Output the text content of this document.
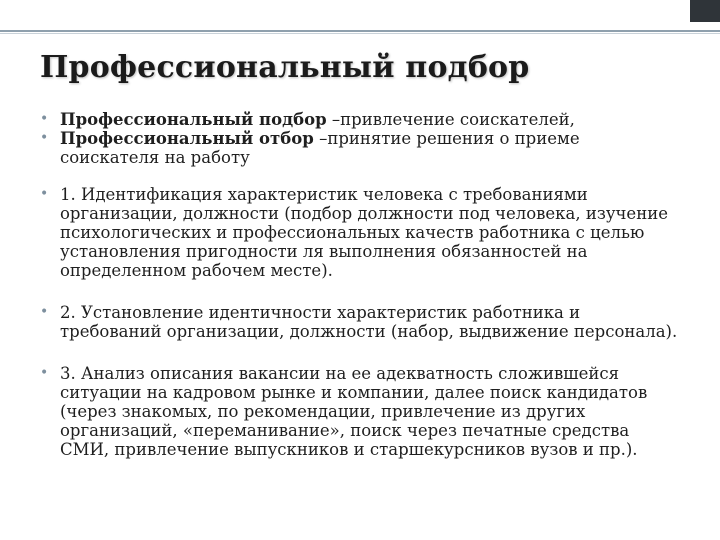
Профессиональный подбор
• Профессиональный подбор –привлечение соискателей,
• Профессиональный отбор –принятие решения о приеме соискателя на работу
• 1. Идентификация характеристик человека с требованиями организации, должности (подбор должности под человека, изучение психологических и профессиональных качеств работника с целью установления пригодности ля выполнения обязанностей на определенном рабочем месте).
• 2. Установление идентичности характеристик работника и требований организации, должности (набор, выдвижение персонала).
• 3. Анализ описания вакансии на ее адекватность сложившейся ситуации на кадровом рынке и компании, далее поиск кандидатов (через знакомых, по рекомендации, привлечение из других организаций, «переманивание», поиск через печатные средства СМИ, привлечение выпускников и старшекурсников вузов и пр.).
